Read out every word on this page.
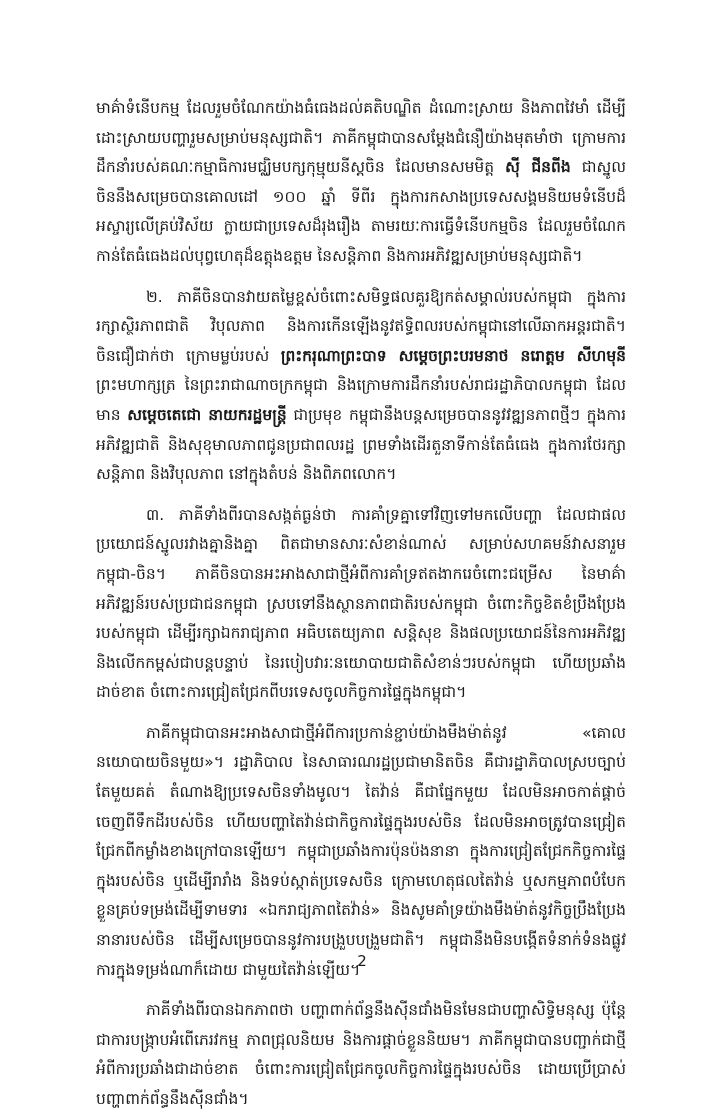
មាគ៌ាទំនើបកម្ម ដែលរួមចំណែកយ៉ាងធំធេងដល់គតិបណ្ឌិត ដំណោះស្រាយ និងភាពវៃមាំ ដើម្បីដោះស្រាយបញ្ហារួមសម្រាប់មនុស្សជាតិ។ ភាគីកម្ពុជាបានសម្តែងជំនឿយ៉ាងមុតមាំថា ក្រោមការដឹកនាំរបស់គណៈកម្មាធិការមជ្ឈិមបក្សកុម្មុយនីស្តចិន ដែលមានសមមិត្ត ស៊ី ជីនពីង ជាស្នូល ចិននឹងសម្រេចបានគោលដៅ ១០០ ឆ្នាំ ទីពីរ ក្នុងការកសាងប្រទេសសង្គមនិយមទំនើបដ៏អស្ចារ្យលើគ្រប់វិស័យ ក្លាយជាប្រទេសដ៏រុងរឿង តាមរយៈការធ្វើទំនើបកម្មចិន ដែលរួមចំណែកកាន់តែធំធេងដល់បុព្វហេតុដ៏ឧត្តុងឧត្តម នៃសន្តិភាព និងការអភិវឌ្ឍសម្រាប់មនុស្សជាតិ។

២. ភាគីចិនបានវាយតម្លៃខ្ពស់ចំពោះសមិទ្ធផលគួរឱ្យកត់សម្គាល់របស់កម្ពុជា ក្នុងការរក្សាស្ថិរភាពជាតិ វិបុលភាព និងការកើនឡើងនូវឥទ្ធិពលរបស់កម្ពុជានៅលើឆាកអន្តរជាតិ។ ចិនជឿជាក់ថា ក្រោមម្លប់របស់ ព្រះករុណាព្រះបាទ សម្តេចព្រះបរមនាថ នរោត្តម សីហមុនី ព្រះមហាក្សត្រ នៃព្រះរាជាណាចក្រកម្ពុជា និងក្រោមការដឹកនាំរបស់រាជរដ្ឋាភិបាលកម្ពុជា ដែលមាន សម្តេចតេជោ នាយករដ្ឋមន្ត្រី ជាប្រមុខ កម្ពុជានឹងបន្តសម្រេចបាននូវវឌ្ឍនភាពថ្មីៗ ក្នុងការអភិវឌ្ឍជាតិ និងសុខុមាលភាពជូនប្រជាពលរដ្ឋ ព្រមទាំងដើរតួនាទីកាន់តែធំធេង ក្នុងការថែរក្សាសន្តិភាព និងវិបុលភាព នៅក្នុងតំបន់ និងពិភពលោក។

៣. ភាគីទាំងពីរបានសង្កត់ធ្ងន់ថា ការគាំទ្រគ្នាទៅវិញទៅមកលើបញ្ហា ដែលជាផលប្រយោជន៍ស្នូលរវាងគ្នានិងគ្នា ពិតជាមានសារៈសំខាន់ណាស់ សម្រាប់សហគមន៍វាសនារួមកម្ពុជា-ចិន។ ភាគីចិនបានអះអាងសាជាថ្មីអំពីការគាំទ្រឥតងាករេចំពោះជម្រើស នៃមាគ៌ាអភិវឌ្ឍន៍របស់ប្រជាជនកម្ពុជា ស្របទៅនឹងស្ថានភាពជាតិរបស់កម្ពុជា ចំពោះកិច្ចខិតខំប្រឹងប្រែងរបស់កម្ពុជា ដើម្បីរក្សាឯករាជ្យភាព អធិបតេយ្យភាព សន្តិសុខ និងផលប្រយោជន៍នៃការអភិវឌ្ឍ និងលើកកម្ពស់ជាបន្តបន្ទាប់ នៃរបៀបវារៈនយោបាយជាតិសំខាន់ៗរបស់កម្ពុជា ហើយប្រឆាំងដាច់ខាត ចំពោះការជ្រៀតជ្រែកពីបរទេសចូលកិច្ចការផ្ទៃក្នុងកម្ពុជា។

ភាគីកម្ពុជាបានអះអាងសាជាថ្មីអំពីការប្រកាន់ខ្ជាប់យ៉ាងមឹងម៉ាត់នូវ «គោលនយោបាយចិនមួយ»។ រដ្ឋាភិបាល នៃសាធារណរដ្ឋប្រជាមានិតចិន គឺជារដ្ឋាភិបាលស្របច្បាប់តែមួយគត់ តំណាងឱ្យប្រទេសចិនទាំងមូល។ តៃវ៉ាន់ គឺជាផ្នែកមួយ ដែលមិនអាចកាត់ផ្តាច់ចេញពីទឹកដីរបស់ចិន ហើយបញ្ហាតៃវ៉ាន់ជាកិច្ចការផ្ទៃក្នុងរបស់ចិន ដែលមិនអាចត្រូវបានជ្រៀតជ្រែកពីកម្លាំងខាងក្រៅបានឡើយ។ កម្ពុជាប្រឆាំងការប៉ុនប៉ងនានា ក្នុងការជ្រៀតជ្រែកកិច្ចការផ្ទៃក្នុងរបស់ចិន ឬដើម្បីរារាំង និងទប់ស្កាត់ប្រទេសចិន ក្រោមហេតុផលតៃវ៉ាន់ ឬសកម្មភាពបំបែកខ្លួនគ្រប់ទម្រង់ដើម្បីទាមទារ «ឯករាជ្យភាពតៃវ៉ាន់» និងសូមគាំទ្រយ៉ាងមឹងម៉ាត់នូវកិច្ចប្រឹងប្រែងនានារបស់ចិន ដើម្បីសម្រេចបាននូវការបង្រួបបង្រួមជាតិ។ កម្ពុជានឹងមិនបង្កើតទំនាក់ទំនងផ្លូវការក្នុងទម្រង់ណាក៏ដោយ ជាមួយតៃវ៉ាន់ឡើយ។

ភាគីទាំងពីរបានឯកភាពថា បញ្ហាពាក់ព័ន្ធនឹងស៊ីនជាំងមិនមែនជាបញ្ហាសិទ្ធិមនុស្ស ប៉ុន្តែជាការបង្ក្រាបអំពើភេរវកម្ម ភាពជ្រុលនិយម និងការផ្តាច់ខ្លួននិយម។ ភាគីកម្ពុជាបានបញ្ជាក់ជាថ្មីអំពីការប្រឆាំងជាដាច់ខាត ចំពោះការជ្រៀតជ្រែកចូលកិច្ចការផ្ទៃក្នុងរបស់ចិន ដោយប្រើប្រាស់បញ្ហាពាក់ព័ន្ធនឹងស៊ីនជាំង។

2
